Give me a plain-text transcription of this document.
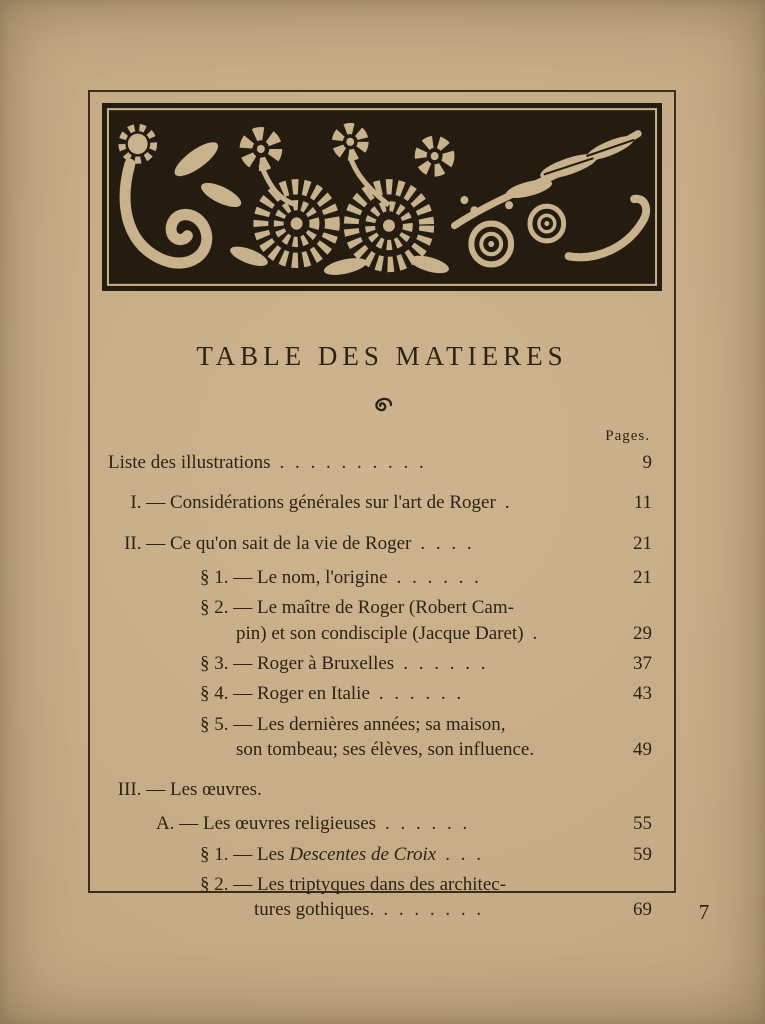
TABLE DES MATIERES
Pages.
Liste des illustrations . . . . . . . . . .	9
I. — Considérations générales sur l'art de Roger .	11
II. — Ce qu'on sait de la vie de Roger . . . .	21
§ 1. — Le nom, l'origine . . . . . .	21
§ 2. — Le maître de Roger (Robert Cam-
pin) et son condisciple (Jacque Daret) .	29
§ 3. — Roger à Bruxelles . . . . . .	37
§ 4. — Roger en Italie . . . . . .	43
§ 5. — Les dernières années; sa maison,
son tombeau; ses élèves, son influence.	49
III. — Les œuvres.
A. — Les œuvres religieuses . . . . . .	55
§ 1. — Les Descentes de Croix . . .	59
§ 2. — Les triptyques dans des architec-
tures gothiques. . . . . . . .	69	7
